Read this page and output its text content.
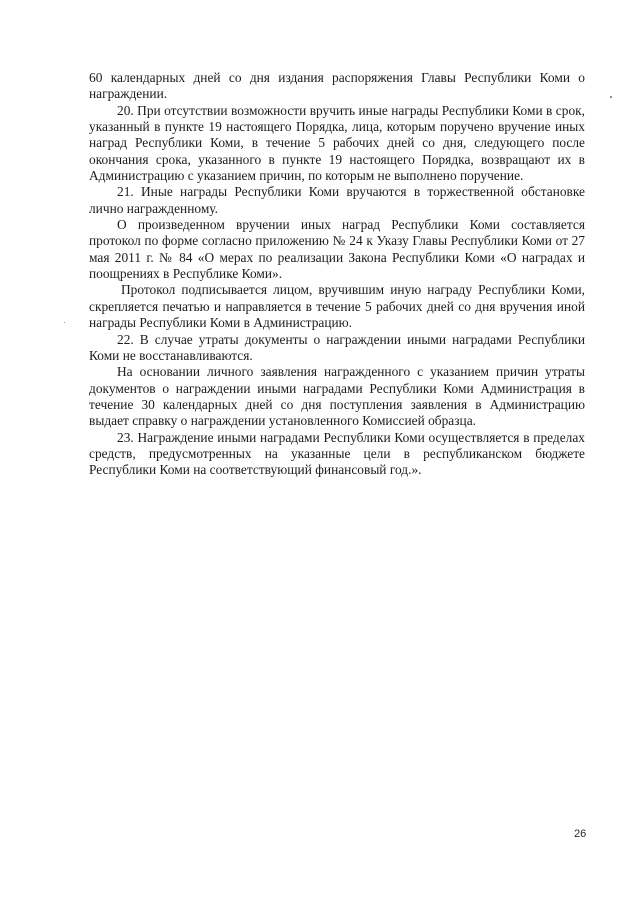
60 календарных дней со дня издания распоряжения Главы Республики Коми о награждении.

20. При отсутствии возможности вручить иные награды Республики Коми в срок, указанный в пункте 19 настоящего Порядка, лица, которым поручено вручение иных наград Республики Коми, в течение 5 рабочих дней со дня, следующего после окончания срока, указанного в пункте 19 настоящего Порядка, возвращают их в Администрацию с указанием причин, по которым не выполнено поручение.

21. Иные награды Республики Коми вручаются в торжественной обстановке лично награжденному.

О произведенном вручении иных наград Республики Коми составляется протокол по форме согласно приложению № 24 к Указу Главы Республики Коми от 27 мая 2011 г. № 84 «О мерах по реализации Закона Республики Коми «О наградах и поощрениях в Республике Коми».

Протокол подписывается лицом, вручившим иную награду Республики Коми, скрепляется печатью и направляется в течение 5 рабочих дней со дня вручения иной награды Республики Коми в Администрацию.

22. В случае утраты документы о награждении иными наградами Республики Коми не восстанавливаются.

На основании личного заявления награжденного с указанием причин утраты документов о награждении иными наградами Республики Коми Администрация в течение 30 календарных дней со дня поступления заявления в Администрацию выдает справку о награждении установленного Комиссией образца.

23. Награждение иными наградами Республики Коми осуществляется в пределах средств, предусмотренных на указанные цели в республиканском бюджете Республики Коми на соответствующий финансовый год.».

26
